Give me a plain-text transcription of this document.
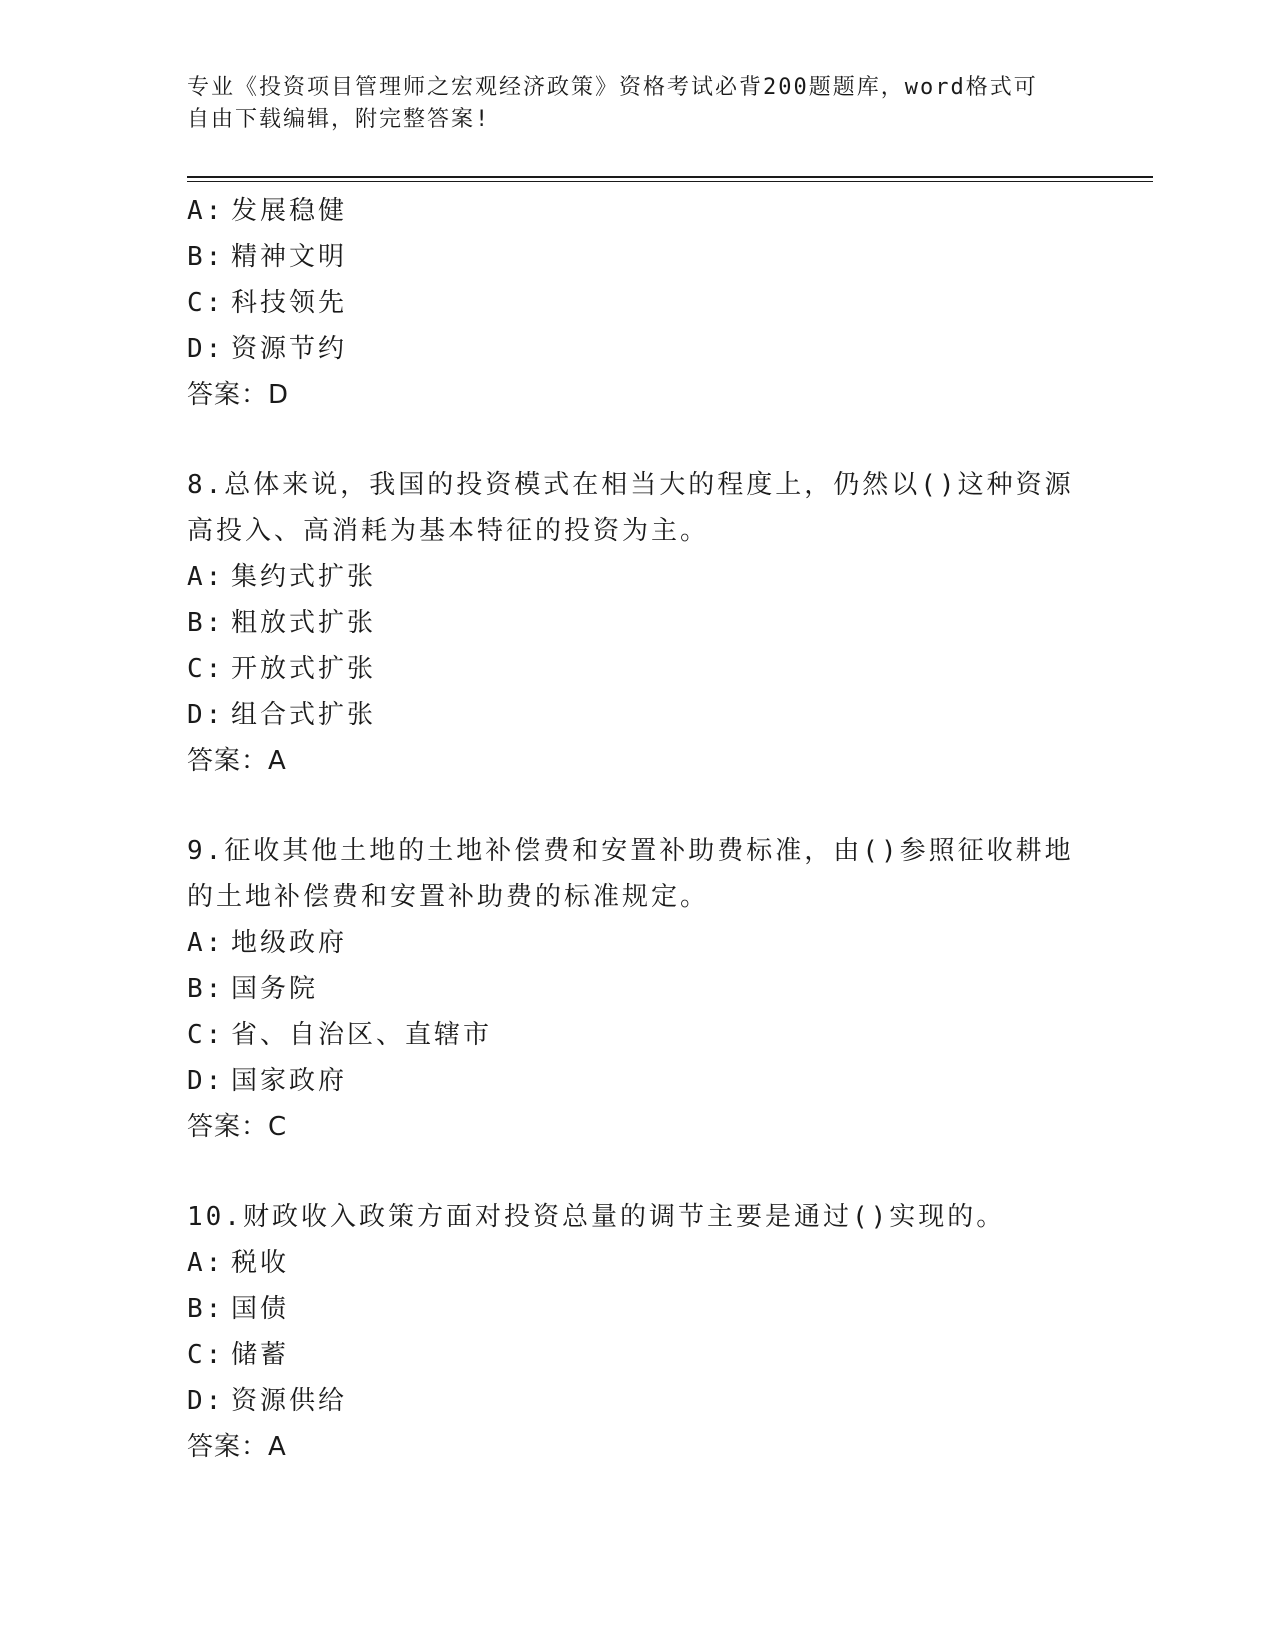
专业《投资项目管理师之宏观经济政策》资格考试必背200题题库，word格式可
自由下载编辑，附完整答案!
A: 发展稳健
B: 精神文明
C: 科技领先
D: 资源节约
答案：D
8.总体来说，我国的投资模式在相当大的程度上，仍然以()这种资源
高投入、高消耗为基本特征的投资为主。
A: 集约式扩张
B: 粗放式扩张
C: 开放式扩张
D: 组合式扩张
答案：A
9.征收其他土地的土地补偿费和安置补助费标准，由()参照征收耕地
的土地补偿费和安置补助费的标准规定。
A: 地级政府
B: 国务院
C: 省、自治区、直辖市
D: 国家政府
答案：C
10.财政收入政策方面对投资总量的调节主要是通过()实现的。
A: 税收
B: 国债
C: 储蓄
D: 资源供给
答案：A
